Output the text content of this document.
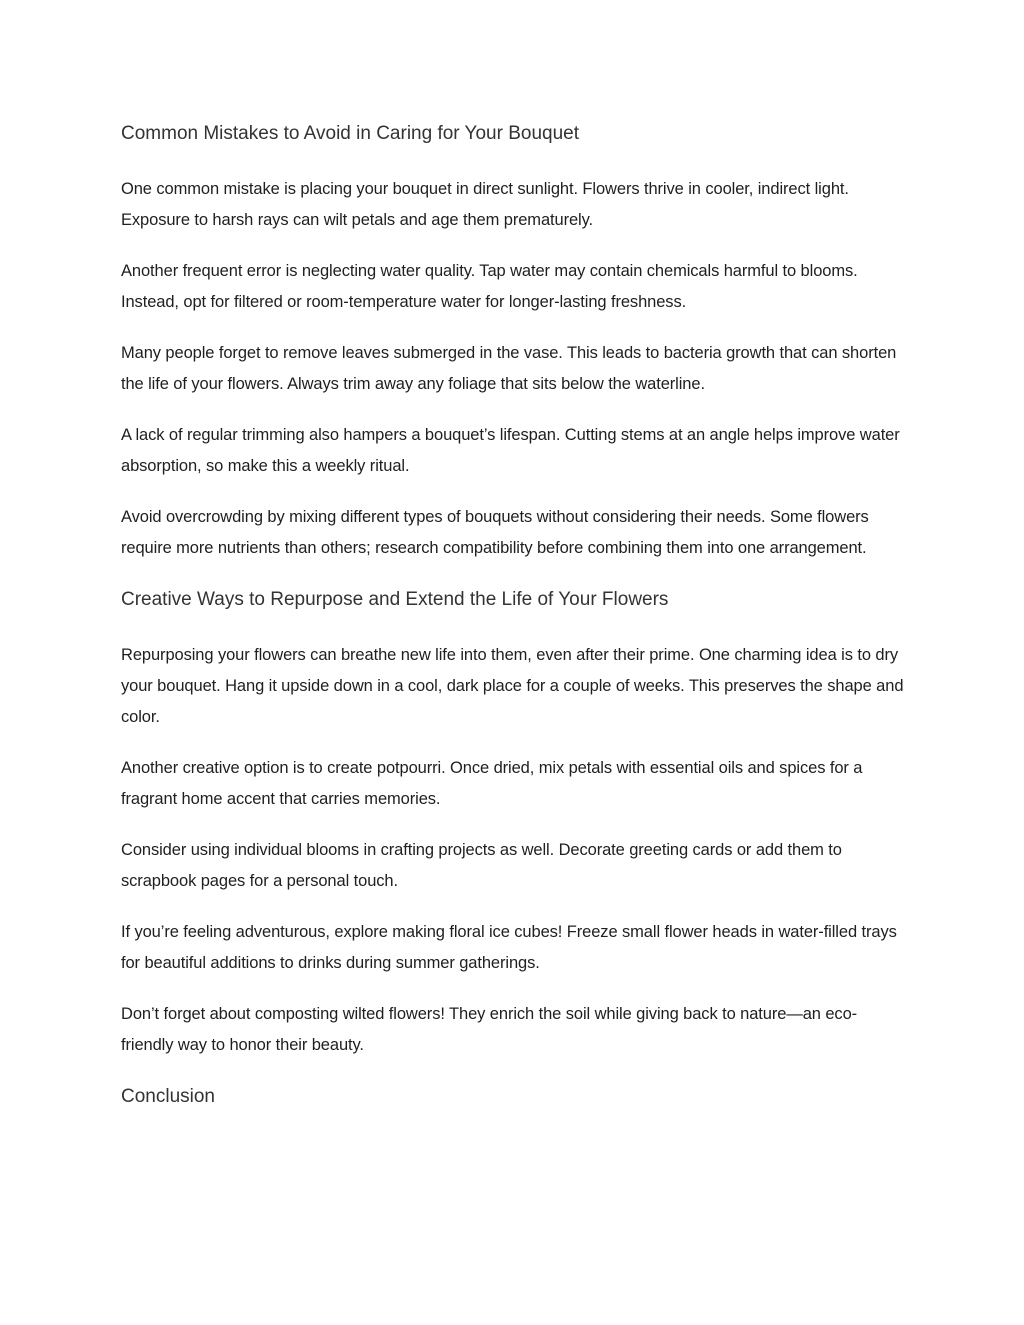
Common Mistakes to Avoid in Caring for Your Bouquet

One common mistake is placing your bouquet in direct sunlight. Flowers thrive in cooler, indirect light. Exposure to harsh rays can wilt petals and age them prematurely.

Another frequent error is neglecting water quality. Tap water may contain chemicals harmful to blooms. Instead, opt for filtered or room-temperature water for longer-lasting freshness.

Many people forget to remove leaves submerged in the vase. This leads to bacteria growth that can shorten the life of your flowers. Always trim away any foliage that sits below the waterline.

A lack of regular trimming also hampers a bouquet’s lifespan. Cutting stems at an angle helps improve water absorption, so make this a weekly ritual.

Avoid overcrowding by mixing different types of bouquets without considering their needs. Some flowers require more nutrients than others; research compatibility before combining them into one arrangement.

Creative Ways to Repurpose and Extend the Life of Your Flowers

Repurposing your flowers can breathe new life into them, even after their prime. One charming idea is to dry your bouquet. Hang it upside down in a cool, dark place for a couple of weeks. This preserves the shape and color.

Another creative option is to create potpourri. Once dried, mix petals with essential oils and spices for a fragrant home accent that carries memories.

Consider using individual blooms in crafting projects as well. Decorate greeting cards or add them to scrapbook pages for a personal touch.

If you’re feeling adventurous, explore making floral ice cubes! Freeze small flower heads in water-filled trays for beautiful additions to drinks during summer gatherings.

Don’t forget about composting wilted flowers! They enrich the soil while giving back to nature—an eco-friendly way to honor their beauty.

Conclusion
